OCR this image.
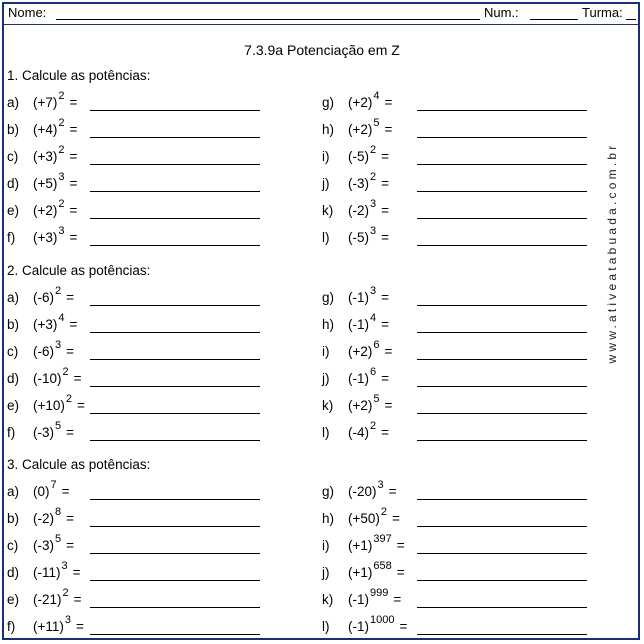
Nome:	Num.:	Turma:
7.3.9a Potenciação em Z
www.ativeatabuada.com.br
1. Calcule as potências:
a) $(+7)^2$ =
b) $(+4)^2$ =
c) $(+3)^2$ =
d) $(+5)^3$ =
e) $(+2)^2$ =
f) $(+3)^3$ =
g) $(+2)^4$ =
h) $(+2)^5$ =
i) $(-5)^2$ =
j) $(-3)^2$ =
k) $(-2)^3$ =
l) $(-5)^3$ =
2. Calcule as potências:
a) $(-6)^2$ =
b) $(+3)^4$ =
c) $(-6)^3$ =
d) $(-10)^2$ =
e) $(+10)^2$ =
f) $(-3)^5$ =
g) $(-1)^3$ =
h) $(-1)^4$ =
i) $(+2)^6$ =
j) $(-1)^6$ =
k) $(+2)^5$ =
l) $(-4)^2$ =
3. Calcule as potências:
a) $(0)^7$ =
b) $(-2)^8$ =
c) $(-3)^5$ =
d) $(-11)^3$ =
e) $(-21)^2$ =
f) $(+11)^3$ =
g) $(-20)^3$ =
h) $(+50)^2$ =
i) $(+1)^{397}$ =
j) $(+1)^{658}$ =
k) $(-1)^{999}$ =
l) $(-1)^{1000}$ =
